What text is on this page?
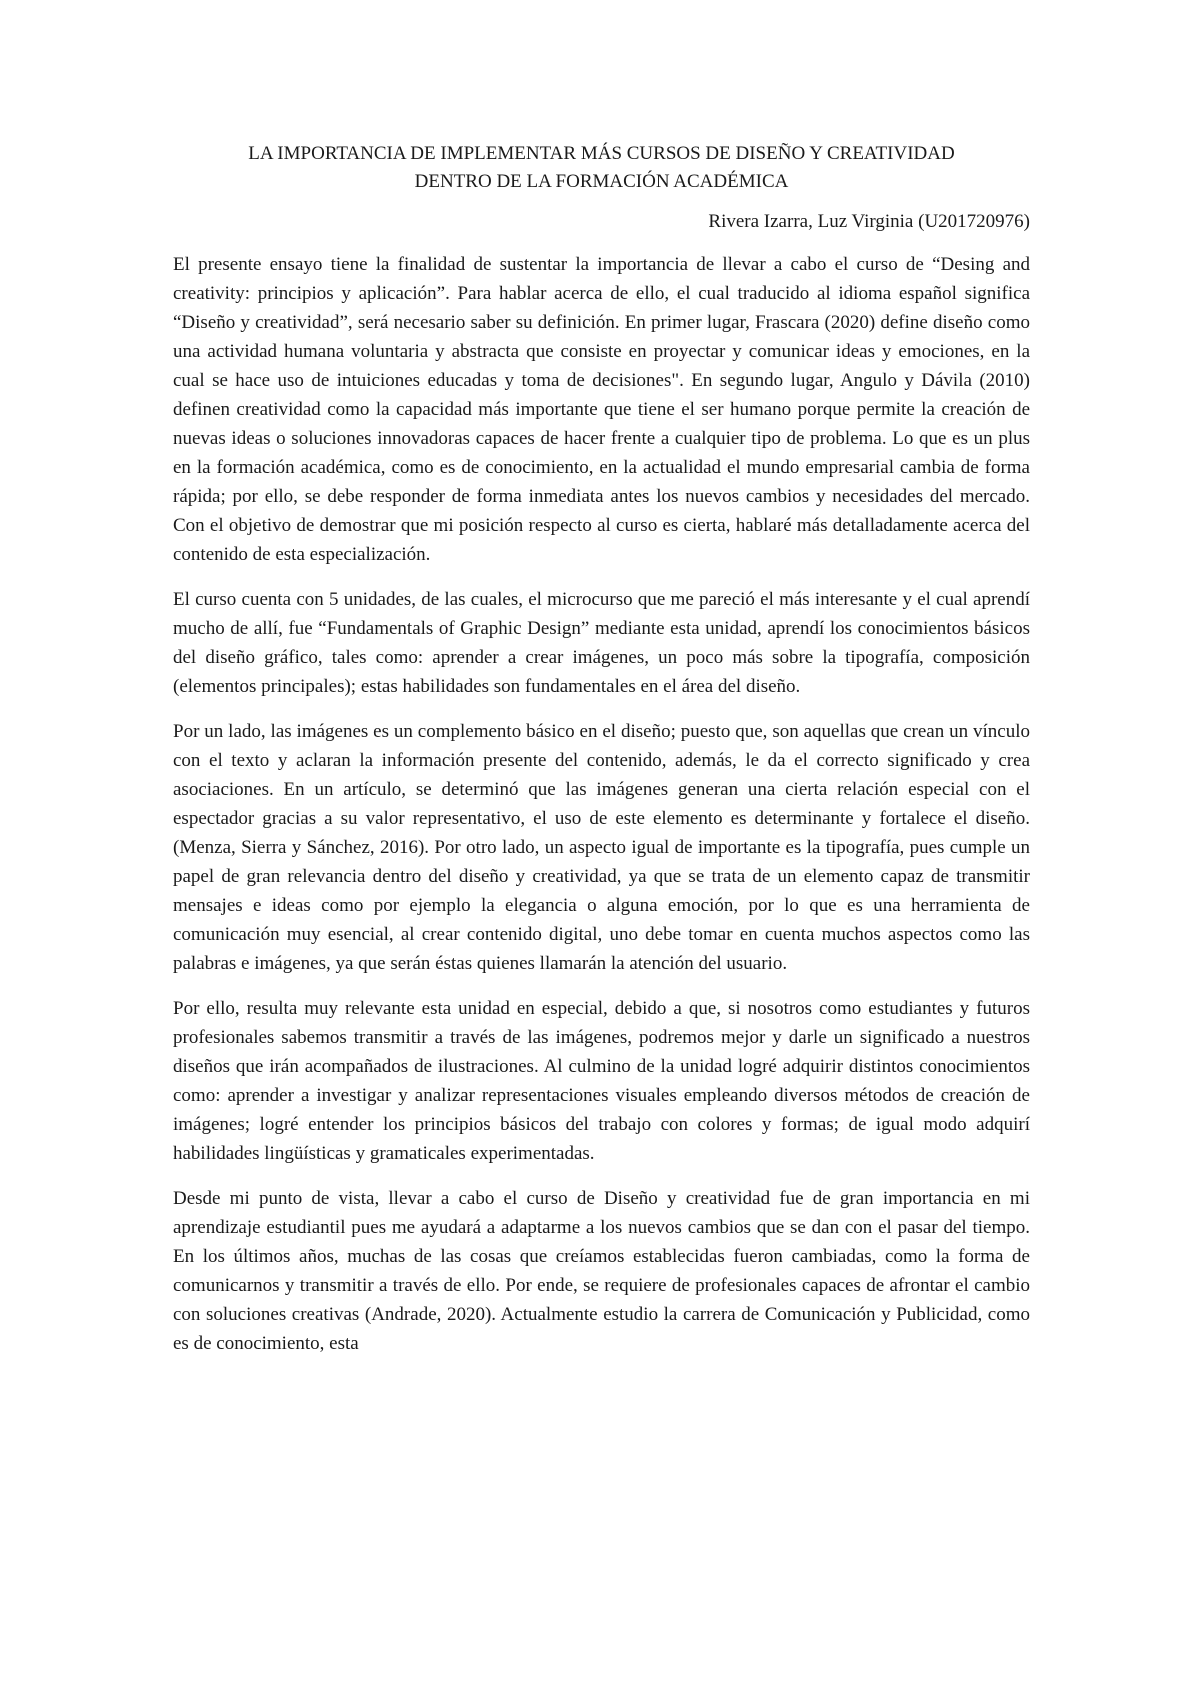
LA IMPORTANCIA DE IMPLEMENTAR MÁS CURSOS DE DISEÑO Y CREATIVIDAD
DENTRO DE LA FORMACIÓN ACADÉMICA

Rivera Izarra, Luz Virginia (U201720976)

El presente ensayo tiene la finalidad de sustentar la importancia de llevar a cabo el curso de “Desing and creativity: principios y aplicación”. Para hablar acerca de ello, el cual traducido al idioma español significa “Diseño y creatividad”, será necesario saber su definición. En primer lugar, Frascara (2020) define diseño como una actividad humana voluntaria y abstracta que consiste en proyectar y comunicar ideas y emociones, en la cual se hace uso de intuiciones educadas y toma de decisiones". En segundo lugar, Angulo y Dávila (2010) definen creatividad como la capacidad más importante que tiene el ser humano porque permite la creación de nuevas ideas o soluciones innovadoras capaces de hacer frente a cualquier tipo de problema. Lo que es un plus en la formación académica, como es de conocimiento, en la actualidad el mundo empresarial cambia de forma rápida; por ello, se debe responder de forma inmediata antes los nuevos cambios y necesidades del mercado. Con el objetivo de demostrar que mi posición respecto al curso es cierta, hablaré más detalladamente acerca del contenido de esta especialización.

El curso cuenta con 5 unidades, de las cuales, el microcurso que me pareció el más interesante y el cual aprendí mucho de allí, fue “Fundamentals of Graphic Design” mediante esta unidad, aprendí los conocimientos básicos del diseño gráfico, tales como: aprender a crear imágenes, un poco más sobre la tipografía, composición (elementos principales); estas habilidades son fundamentales en el área del diseño.

Por un lado, las imágenes es un complemento básico en el diseño; puesto que, son aquellas que crean un vínculo con el texto y aclaran la información presente del contenido, además, le da el correcto significado y crea asociaciones. En un artículo, se determinó que las imágenes generan una cierta relación especial con el espectador gracias a su valor representativo, el uso de este elemento es determinante y fortalece el diseño. (Menza, Sierra y Sánchez, 2016). Por otro lado, un aspecto igual de importante es la tipografía, pues cumple un papel de gran relevancia dentro del diseño y creatividad, ya que se trata de un elemento capaz de transmitir mensajes e ideas como por ejemplo la elegancia o alguna emoción, por lo que es una herramienta de comunicación muy esencial, al crear contenido digital, uno debe tomar en cuenta muchos aspectos como las palabras e imágenes, ya que serán éstas quienes llamarán la atención del usuario.

Por ello, resulta muy relevante esta unidad en especial, debido a que, si nosotros como estudiantes y futuros profesionales sabemos transmitir a través de las imágenes, podremos mejor y darle un significado a nuestros diseños que irán acompañados de ilustraciones. Al culmino de la unidad logré adquirir distintos conocimientos como: aprender a investigar y analizar representaciones visuales empleando diversos métodos de creación de imágenes; logré entender los principios básicos del trabajo con colores y formas; de igual modo adquirí habilidades lingüísticas y gramaticales experimentadas.

Desde mi punto de vista, llevar a cabo el curso de Diseño y creatividad fue de gran importancia en mi aprendizaje estudiantil pues me ayudará a adaptarme a los nuevos cambios que se dan con el pasar del tiempo. En los últimos años, muchas de las cosas que creíamos establecidas fueron cambiadas, como la forma de comunicarnos y transmitir a través de ello. Por ende, se requiere de profesionales capaces de afrontar el cambio con soluciones creativas (Andrade, 2020). Actualmente estudio la carrera de Comunicación y Publicidad, como es de conocimiento, esta
